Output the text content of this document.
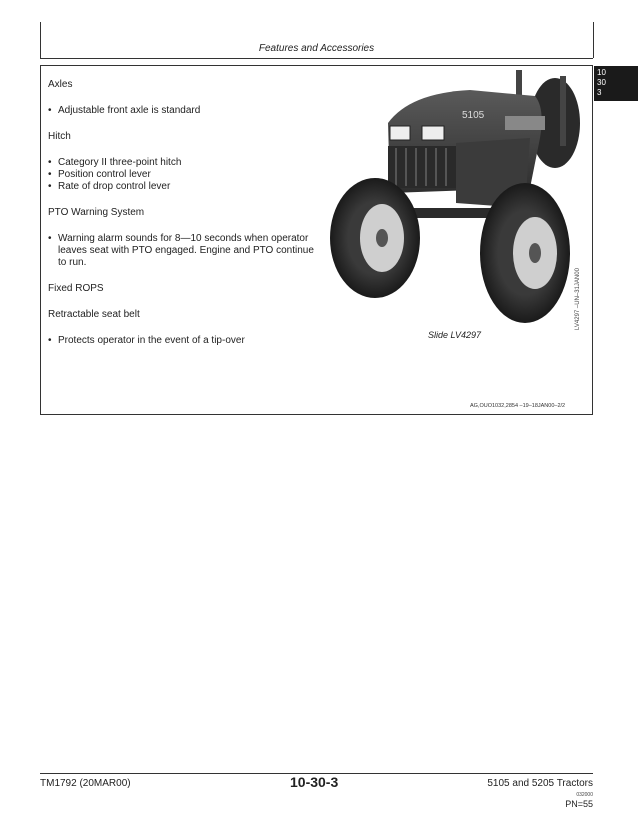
Features and Accessories
10
30
3

Axles

• Adjustable front axle is standard

Hitch

• Category II three-point hitch
• Position control lever
• Rate of drop control lever

PTO Warning System

• Warning alarm sounds for 8—10 seconds when operator leaves seat with PTO engaged. Engine and PTO continue to run.

Fixed ROPS

Retractable seat belt

• Protects operator in the event of a tip-over
5105
LV4297 –UN–31JAN00
Slide LV4297
AG,OUO1032,2854 –19–18JAN00–2/2
TM1792 (20MAR00)	10-30-3	5105 and 5205 Tractors
032000
PN=55
